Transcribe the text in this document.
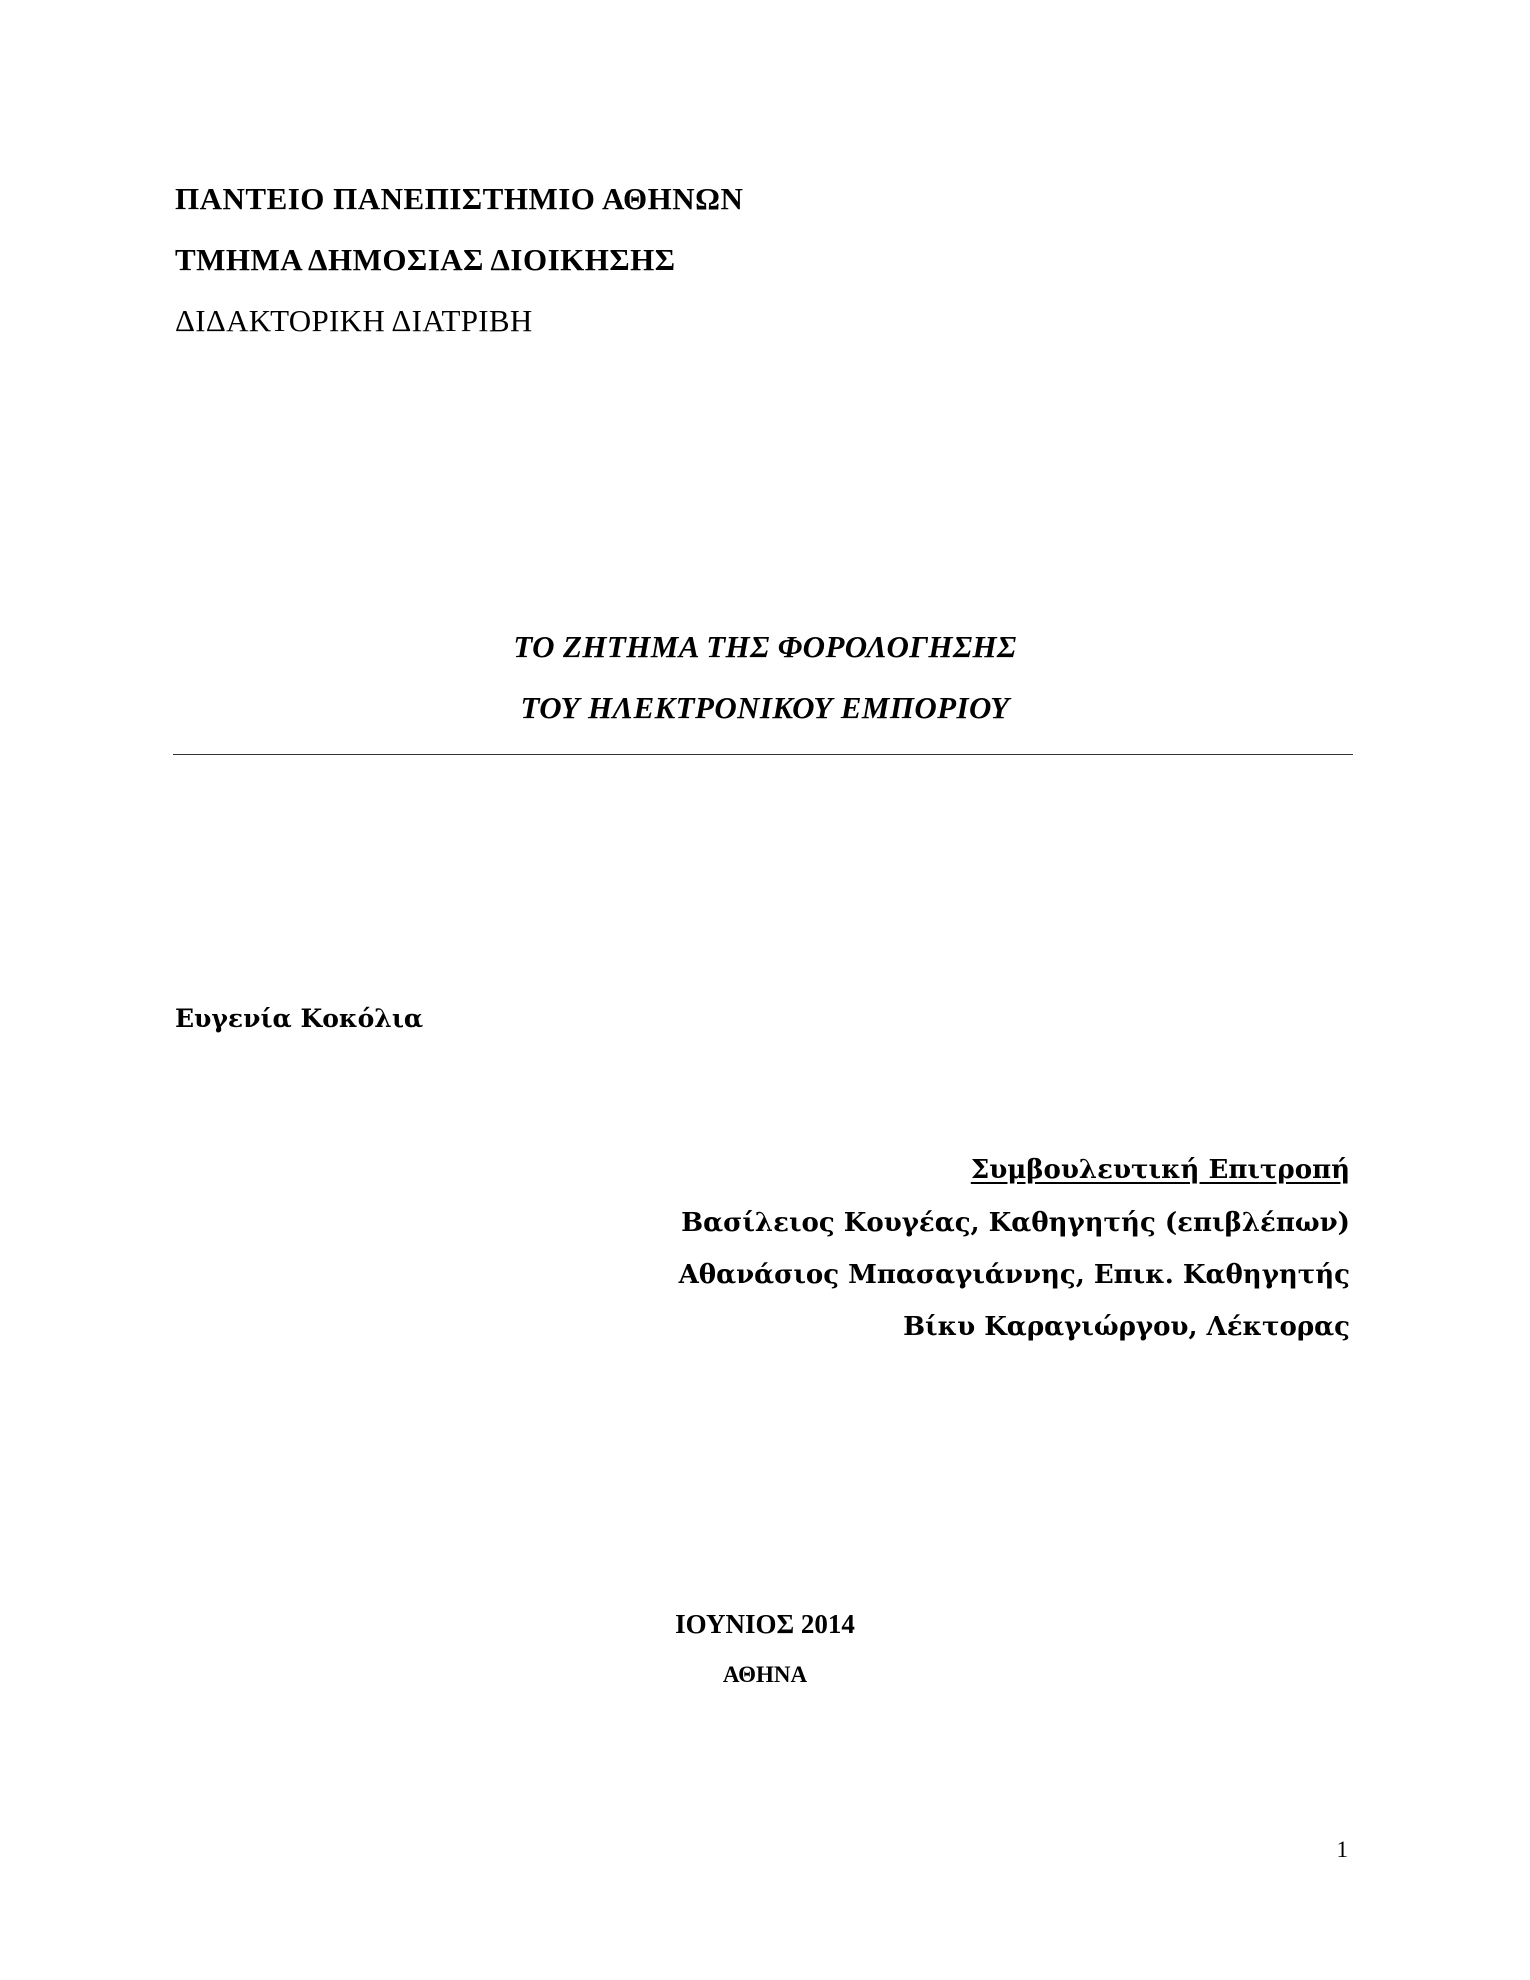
ΠΑΝΤΕΙΟ ΠΑΝΕΠΙΣΤΗΜΙΟ ΑΘΗΝΩΝ
ΤΜΗΜΑ ΔΗΜΟΣΙΑΣ ΔΙΟΙΚΗΣΗΣ
ΔΙΔΑΚΤΟΡΙΚΗ ΔΙΑΤΡΙΒΗ
ΤΟ ΖΗΤΗΜΑ ΤΗΣ ΦΟΡΟΛΟΓΗΣΗΣ
ΤΟΥ ΗΛΕΚΤΡΟΝΙΚΟΥ ΕΜΠΟΡΙΟΥ
Ευγενία Κοκόλια
Συμβουλευτική Επιτροπή
Βασίλειος Κουγέας, Καθηγητής (επιβλέπων)
Αθανάσιος Μπασαγιάννης, Επικ. Καθηγητής
Βίκυ Καραγιώργου, Λέκτορας
ΙΟΥΝΙΟΣ 2014
ΑΘΗΝΑ
1
